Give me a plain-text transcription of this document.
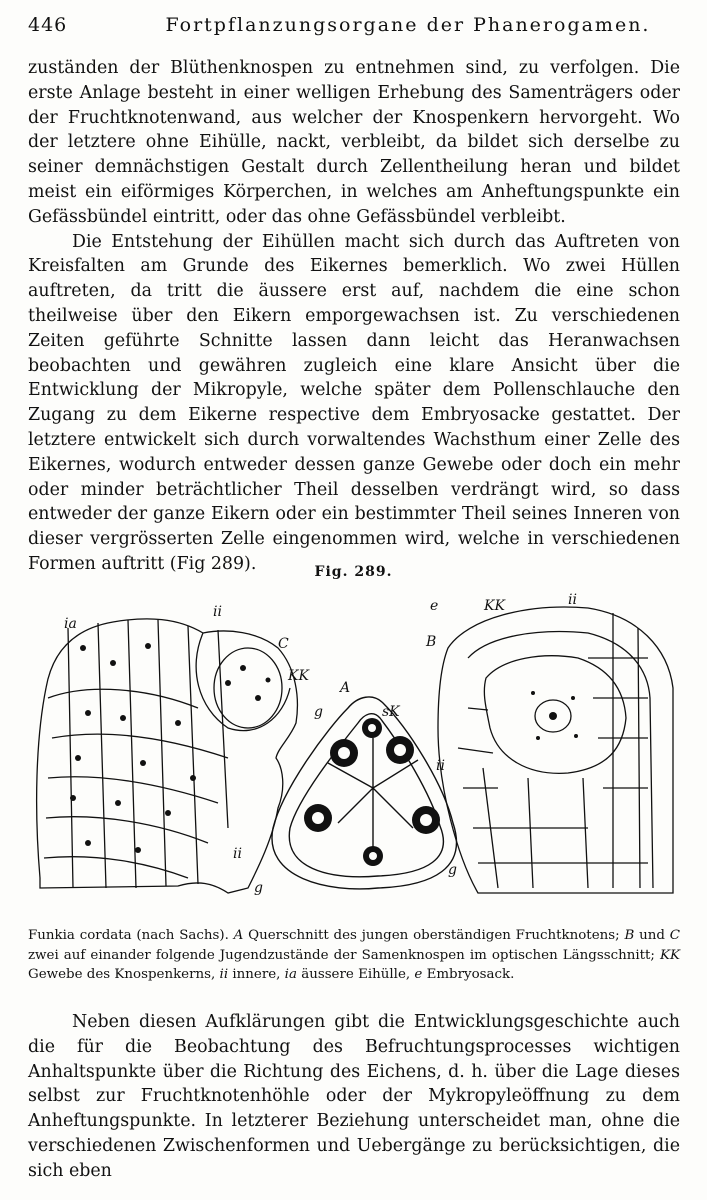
446	Fortpflanzungsorgane der Phanerogamen.

zuständen der Blüthenknospen zu entnehmen sind, zu verfolgen. Die erste Anlage besteht in einer welligen Erhebung des Samenträgers oder der Fruchtknotenwand, aus welcher der Knospenkern hervorgeht. Wo der letztere ohne Eihülle, nackt, verbleibt, da bildet sich derselbe zu seiner demnächstigen Gestalt durch Zellentheilung heran und bildet meist ein eiförmiges Körperchen, in welches am Anheftungspunkte ein Gefässbündel eintritt, oder das ohne Gefässbündel verbleibt.

Die Entstehung der Eihüllen macht sich durch das Auftreten von Kreisfalten am Grunde des Eikernes bemerklich. Wo zwei Hüllen auftreten, da tritt die äussere erst auf, nachdem die eine schon theilweise über den Eikern emporgewachsen ist. Zu verschiedenen Zeiten geführte Schnitte lassen dann leicht das Heranwachsen beobachten und gewähren zugleich eine klare Ansicht über die Entwicklung der Mikropyle, welche später dem Pollenschlauche den Zugang zu dem Eikerne respective dem Embryosacke gestattet. Der letztere entwickelt sich durch vorwaltendes Wachsthum einer Zelle des Eikernes, wodurch entweder dessen ganze Gewebe oder doch ein mehr oder minder beträchtlicher Theil desselben verdrängt wird, so dass entweder der ganze Eikern oder ein bestimmter Theil seines Inneren von dieser vergrösserten Zelle eingenommen wird, welche in verschiedenen Formen auftritt (Fig 289).	Fig. 289.
ia
ii
C
KK
ii
A
g	sK
g
g
e	KK	ii
B
ii
Funkia cordata (nach Sachs). A Querschnitt des jungen oberständigen Fruchtknotens; B und C zwei auf einander folgende Jugendzustände der Samenknospen im optischen Längsschnitt; KK Gewebe des Knospenkerns, ii innere, ia äussere Eihülle, e Embryosack.

Neben diesen Aufklärungen gibt die Entwicklungsgeschichte auch die für die Beobachtung des Befruchtungsprocesses wichtigen Anhaltspunkte über die Richtung des Eichens, d. h. über die Lage dieses selbst zur Fruchtknotenhöhle oder der Mykropyleöffnung zu dem Anheftungspunkte. In letzterer Beziehung unterscheidet man, ohne die verschiedenen Zwischenformen und Uebergänge zu berücksichtigen, die sich eben
